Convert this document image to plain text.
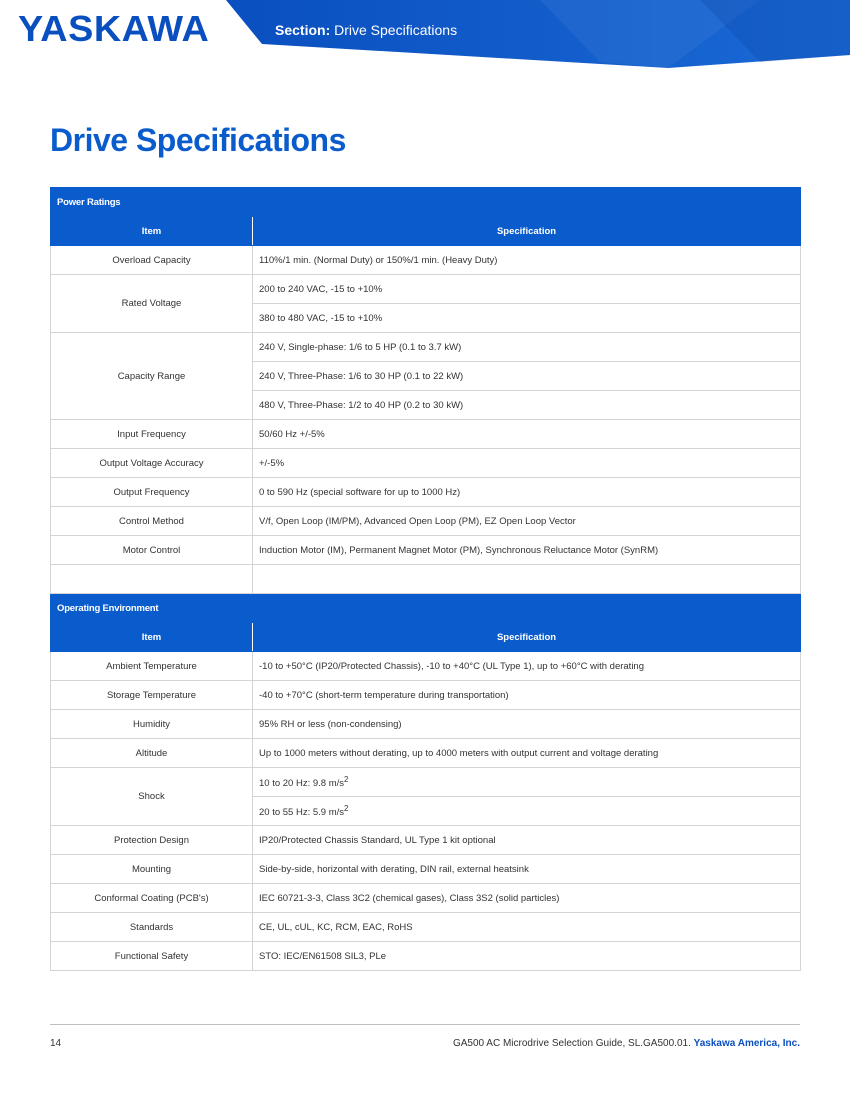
YASKAWA	Section: Drive Specifications
Drive Specifications
Power Ratings	
Item	Specification
Overload Capacity	110%/1 min. (Normal Duty) or 150%/1 min. (Heavy Duty)
Rated Voltage	200 to 240 VAC, -15 to +10%
	380 to 480 VAC, -15 to +10%
Capacity Range	240 V, Single-phase: 1/6 to 5 HP (0.1 to 3.7 kW)
	240 V, Three-Phase: 1/6 to 30 HP (0.1 to 22 kW)
	480 V, Three-Phase: 1/2 to 40 HP (0.2 to 30 kW)
Input Frequency	50/60 Hz +/-5%
Output Voltage Accuracy	+/-5%
Output Frequency	0 to 590 Hz (special software for up to 1000 Hz)
Control Method	V/f, Open Loop (IM/PM), Advanced Open Loop (PM), EZ Open Loop Vector
Motor Control	Induction Motor (IM), Permanent Magnet Motor (PM), Synchronous Reluctance Motor (SynRM)

Operating Environment	
Item	Specification
Ambient Temperature	-10 to +50°C (IP20/Protected Chassis), -10 to +40°C (UL Type 1), up to +60°C with derating
Storage Temperature	-40 to +70°C (short-term temperature during transportation)
Humidity	95% RH or less (non-condensing)
Altitude	Up to 1000 meters without derating, up to 4000 meters with output current and voltage derating
Shock	10 to 20 Hz: 9.8 $m/s^2$
	20 to 55 Hz: 5.9 $m/s^2$
Protection Design	IP20/Protected Chassis Standard, UL Type 1 kit optional
Mounting	Side-by-side, horizontal with derating, DIN rail, external heatsink
Conformal Coating (PCB's)	IEC 60721-3-3, Class 3C2 (chemical gases), Class 3S2 (solid particles)
Standards	CE, UL, cUL, KC, RCM, EAC, RoHS
Functional Safety	STO: IEC/EN61508 SIL3, PLe
14	GA500 AC Microdrive Selection Guide, SL.GA500.01. Yaskawa America, Inc.
